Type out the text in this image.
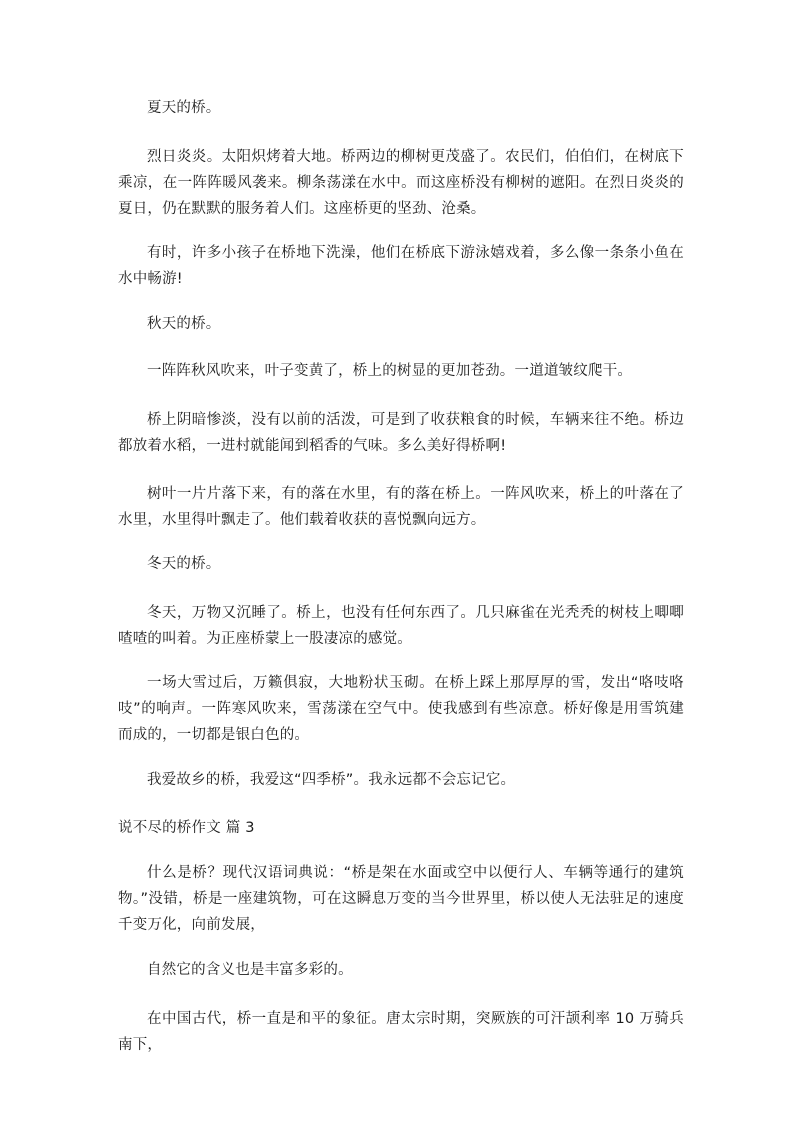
夏天的桥。

烈日炎炎。太阳炽烤着大地。桥两边的柳树更茂盛了。农民们，伯伯们，在树底下乘凉，在一阵阵暖风袭来。柳条荡漾在水中。而这座桥没有柳树的遮阳。在烈日炎炎的夏日，仍在默默的服务着人们。这座桥更的坚劲、沧桑。

有时，许多小孩子在桥地下洗澡，他们在桥底下游泳嬉戏着，多么像一条条小鱼在水中畅游!

秋天的桥。

一阵阵秋风吹来，叶子变黄了，桥上的树显的更加苍劲。一道道皱纹爬干。

桥上阴暗惨淡，没有以前的活泼，可是到了收获粮食的时候，车辆来往不绝。桥边都放着水稻，一进村就能闻到稻香的气味。多么美好得桥啊!

树叶一片片落下来，有的落在水里，有的落在桥上。一阵风吹来，桥上的叶落在了水里，水里得叶飘走了。他们载着收获的喜悦飘向远方。

冬天的桥。

冬天，万物又沉睡了。桥上，也没有任何东西了。几只麻雀在光秃秃的树枝上唧唧喳喳的叫着。为正座桥蒙上一股凄凉的感觉。

一场大雪过后，万籁俱寂，大地粉状玉砌。在桥上踩上那厚厚的雪，发出“咯吱咯吱”的响声。一阵寒风吹来，雪荡漾在空气中。使我感到有些凉意。桥好像是用雪筑建而成的，一切都是银白色的。

我爱故乡的桥，我爱这“四季桥”。我永远都不会忘记它。

说不尽的桥作文 篇 3

什么是桥？现代汉语词典说：“桥是架在水面或空中以便行人、车辆等通行的建筑物。”没错，桥是一座建筑物，可在这瞬息万变的当今世界里，桥以使人无法驻足的速度千变万化，向前发展，

自然它的含义也是丰富多彩的。

在中国古代，桥一直是和平的象征。唐太宗时期，突厥族的可汗颉利率 10 万骑兵南下，
